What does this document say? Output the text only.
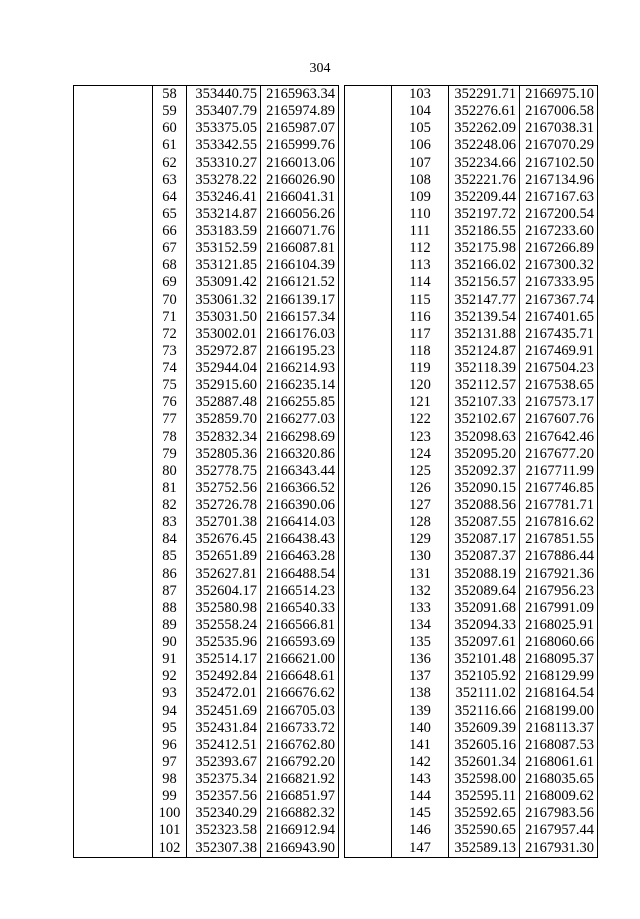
304
	58	353440.75	2165963.34
	59	353407.79	2165974.89
	60	353375.05	2165987.07
	61	353342.55	2165999.76
	62	353310.27	2166013.06
	63	353278.22	2166026.90
	64	353246.41	2166041.31
	65	353214.87	2166056.26
	66	353183.59	2166071.76
	67	353152.59	2166087.81
	68	353121.85	2166104.39
	69	353091.42	2166121.52
	70	353061.32	2166139.17
	71	353031.50	2166157.34
	72	353002.01	2166176.03
	73	352972.87	2166195.23
	74	352944.04	2166214.93
	75	352915.60	2166235.14
	76	352887.48	2166255.85
	77	352859.70	2166277.03
	78	352832.34	2166298.69
	79	352805.36	2166320.86
	80	352778.75	2166343.44
	81	352752.56	2166366.52
	82	352726.78	2166390.06
	83	352701.38	2166414.03
	84	352676.45	2166438.43
	85	352651.89	2166463.28
	86	352627.81	2166488.54
	87	352604.17	2166514.23
	88	352580.98	2166540.33
	89	352558.24	2166566.81
	90	352535.96	2166593.69
	91	352514.17	2166621.00
	92	352492.84	2166648.61
	93	352472.01	2166676.62
	94	352451.69	2166705.03
	95	352431.84	2166733.72
	96	352412.51	2166762.80
	97	352393.67	2166792.20
	98	352375.34	2166821.92
	99	352357.56	2166851.97
	100	352340.29	2166882.32
	101	352323.58	2166912.94
	102	352307.38	2166943.90
	103	352291.71	2166975.10
	104	352276.61	2167006.58
	105	352262.09	2167038.31
	106	352248.06	2167070.29
	107	352234.66	2167102.50
	108	352221.76	2167134.96
	109	352209.44	2167167.63
	110	352197.72	2167200.54
	111	352186.55	2167233.60
	112	352175.98	2167266.89
	113	352166.02	2167300.32
	114	352156.57	2167333.95
	115	352147.77	2167367.74
	116	352139.54	2167401.65
	117	352131.88	2167435.71
	118	352124.87	2167469.91
	119	352118.39	2167504.23
	120	352112.57	2167538.65
	121	352107.33	2167573.17
	122	352102.67	2167607.76
	123	352098.63	2167642.46
	124	352095.20	2167677.20
	125	352092.37	2167711.99
	126	352090.15	2167746.85
	127	352088.56	2167781.71
	128	352087.55	2167816.62
	129	352087.17	2167851.55
	130	352087.37	2167886.44
	131	352088.19	2167921.36
	132	352089.64	2167956.23
	133	352091.68	2167991.09
	134	352094.33	2168025.91
	135	352097.61	2168060.66
	136	352101.48	2168095.37
	137	352105.92	2168129.99
	138	352111.02	2168164.54
	139	352116.66	2168199.00
	140	352609.39	2168113.37
	141	352605.16	2168087.53
	142	352601.34	2168061.61
	143	352598.00	2168035.65
	144	352595.11	2168009.62
	145	352592.65	2167983.56
	146	352590.65	2167957.44
	147	352589.13	2167931.30
